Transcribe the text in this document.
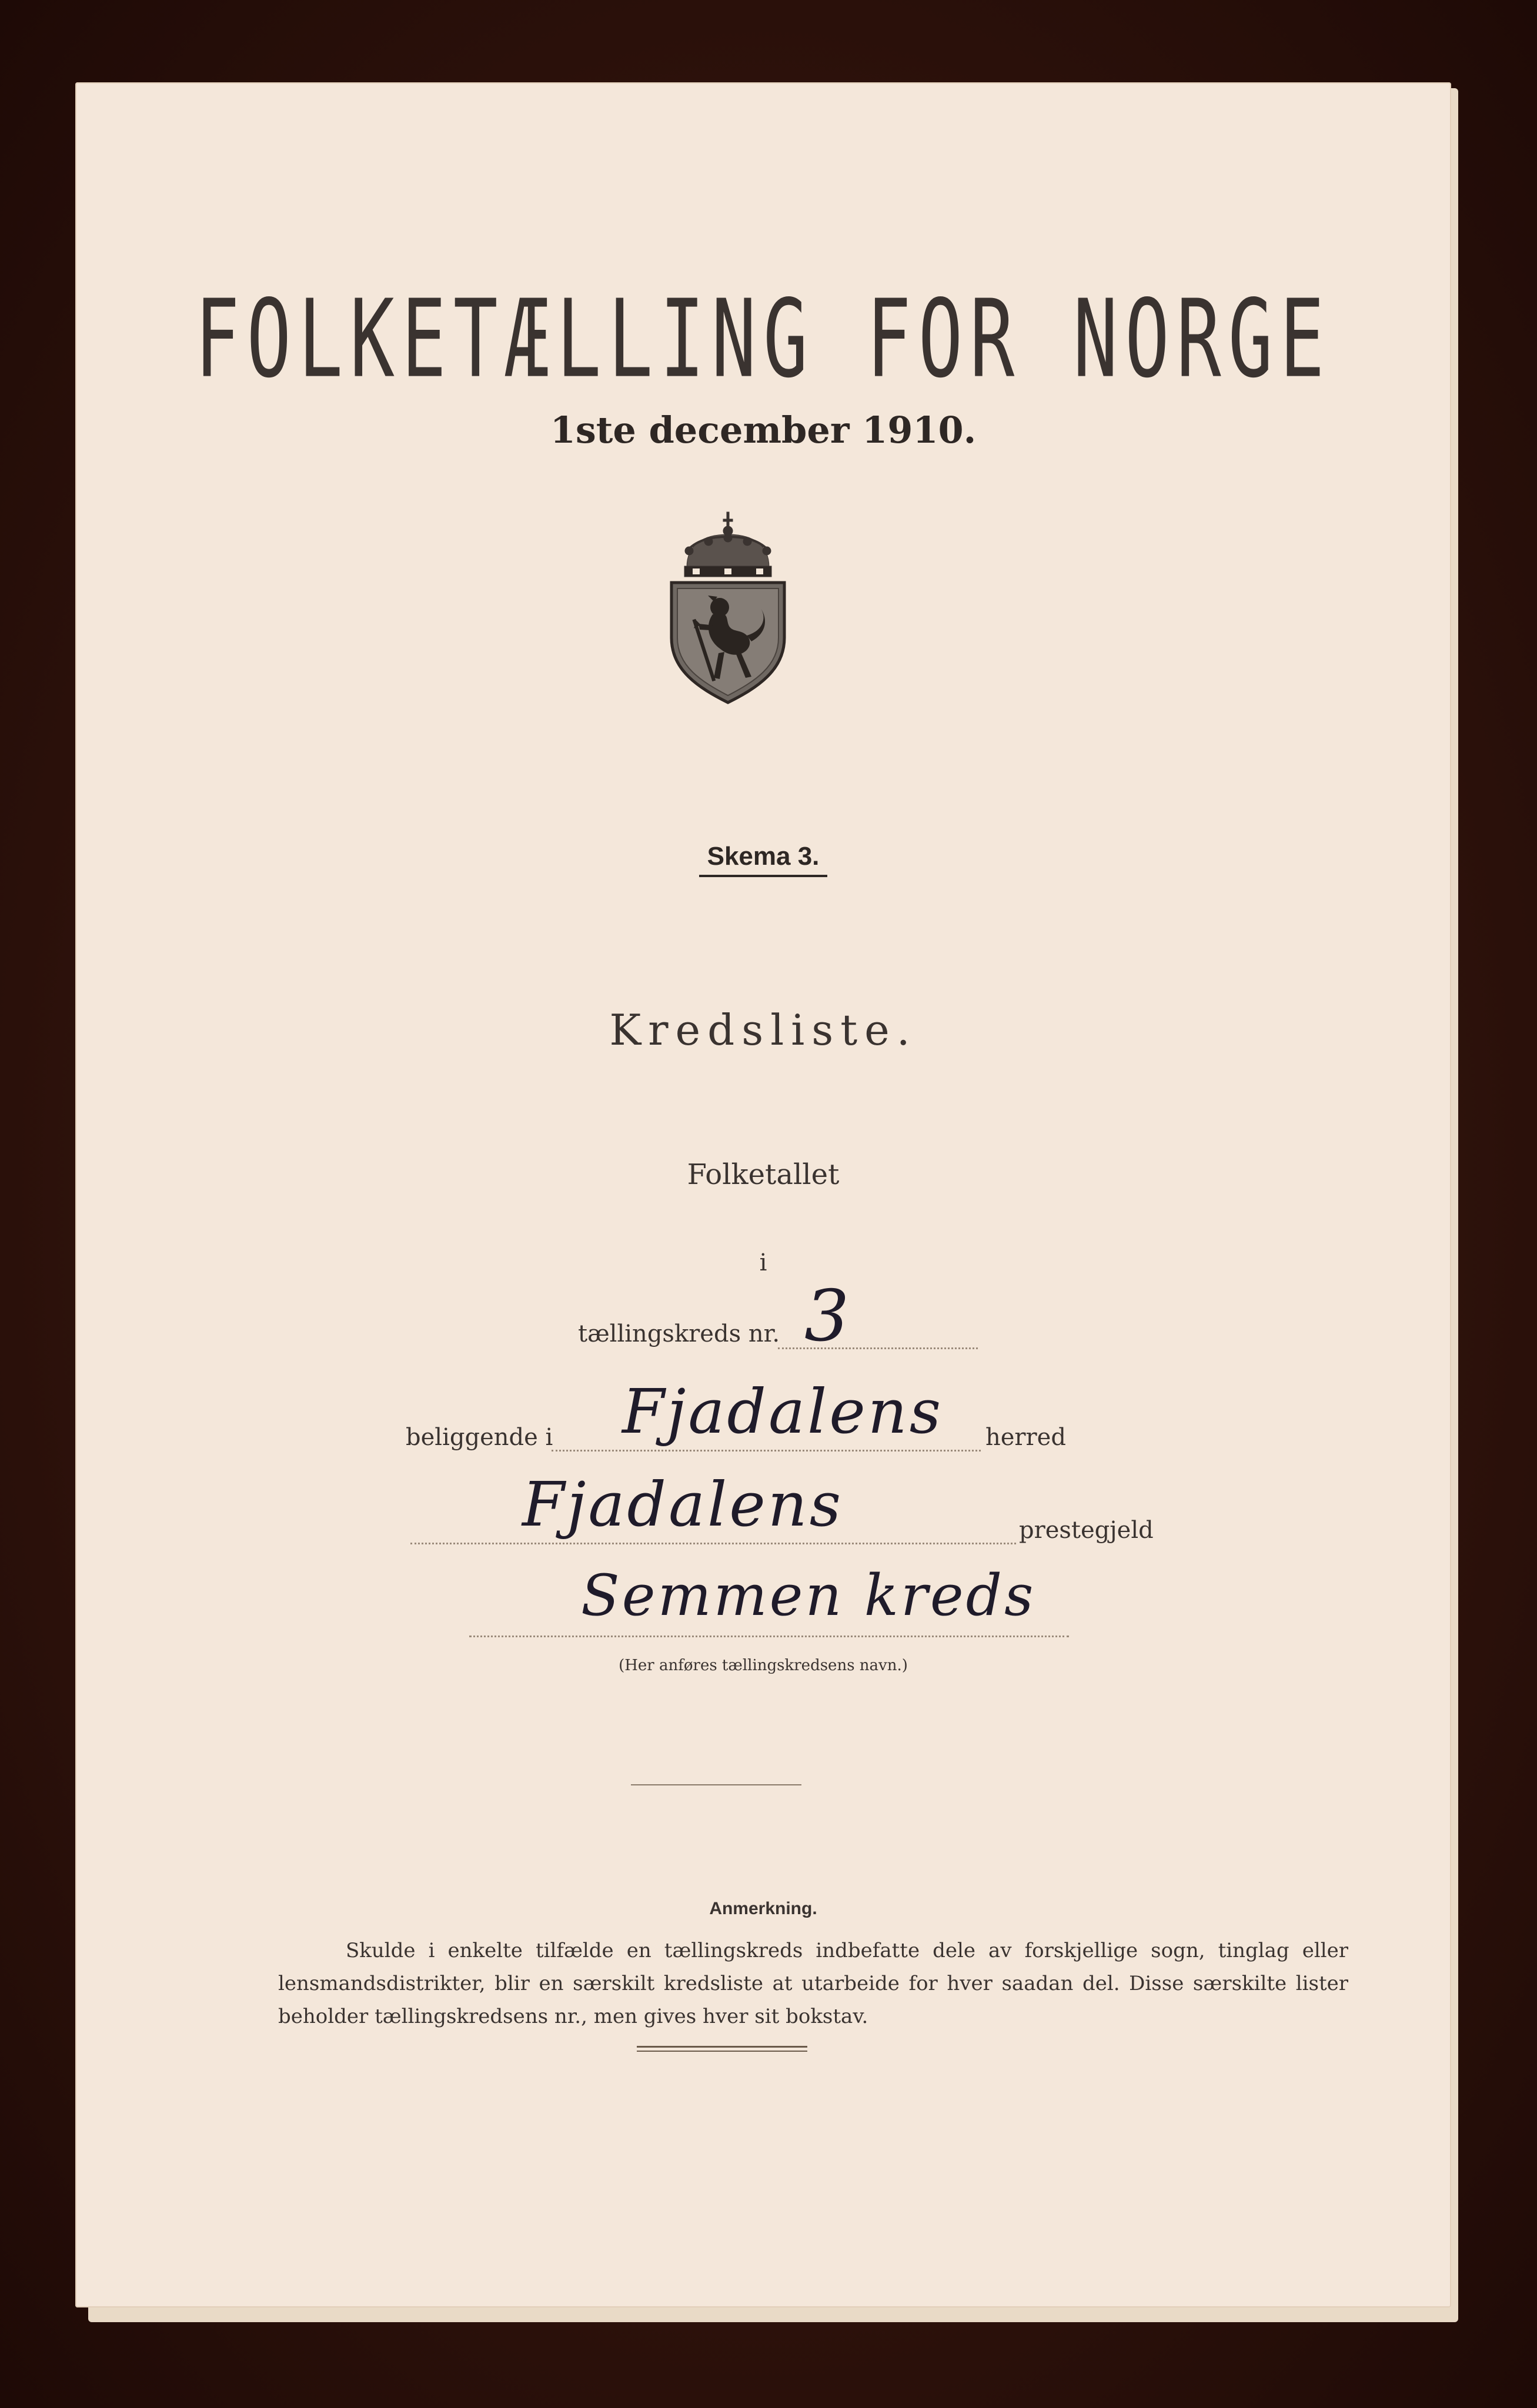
FOLKETÆLLING FOR NORGE
1ste december 1910.
Skema 3.
Kredsliste.
Folketallet
i
tællingskreds nr. 3
beliggende i Fjadalens herred
Fjadalens	prestegjeld
Semmen kreds
(Her anføres tællingskredsens navn.)
Anmerkning.
Skulde i enkelte tilfælde en tællingskreds indbefatte dele av forskjellige sogn, tinglag eller lensmandsdistrikter, blir en særskilt kredsliste at utarbeide for hver saadan del. Disse særskilte lister beholder tællingskredsens nr., men gives hver sit bokstav.
